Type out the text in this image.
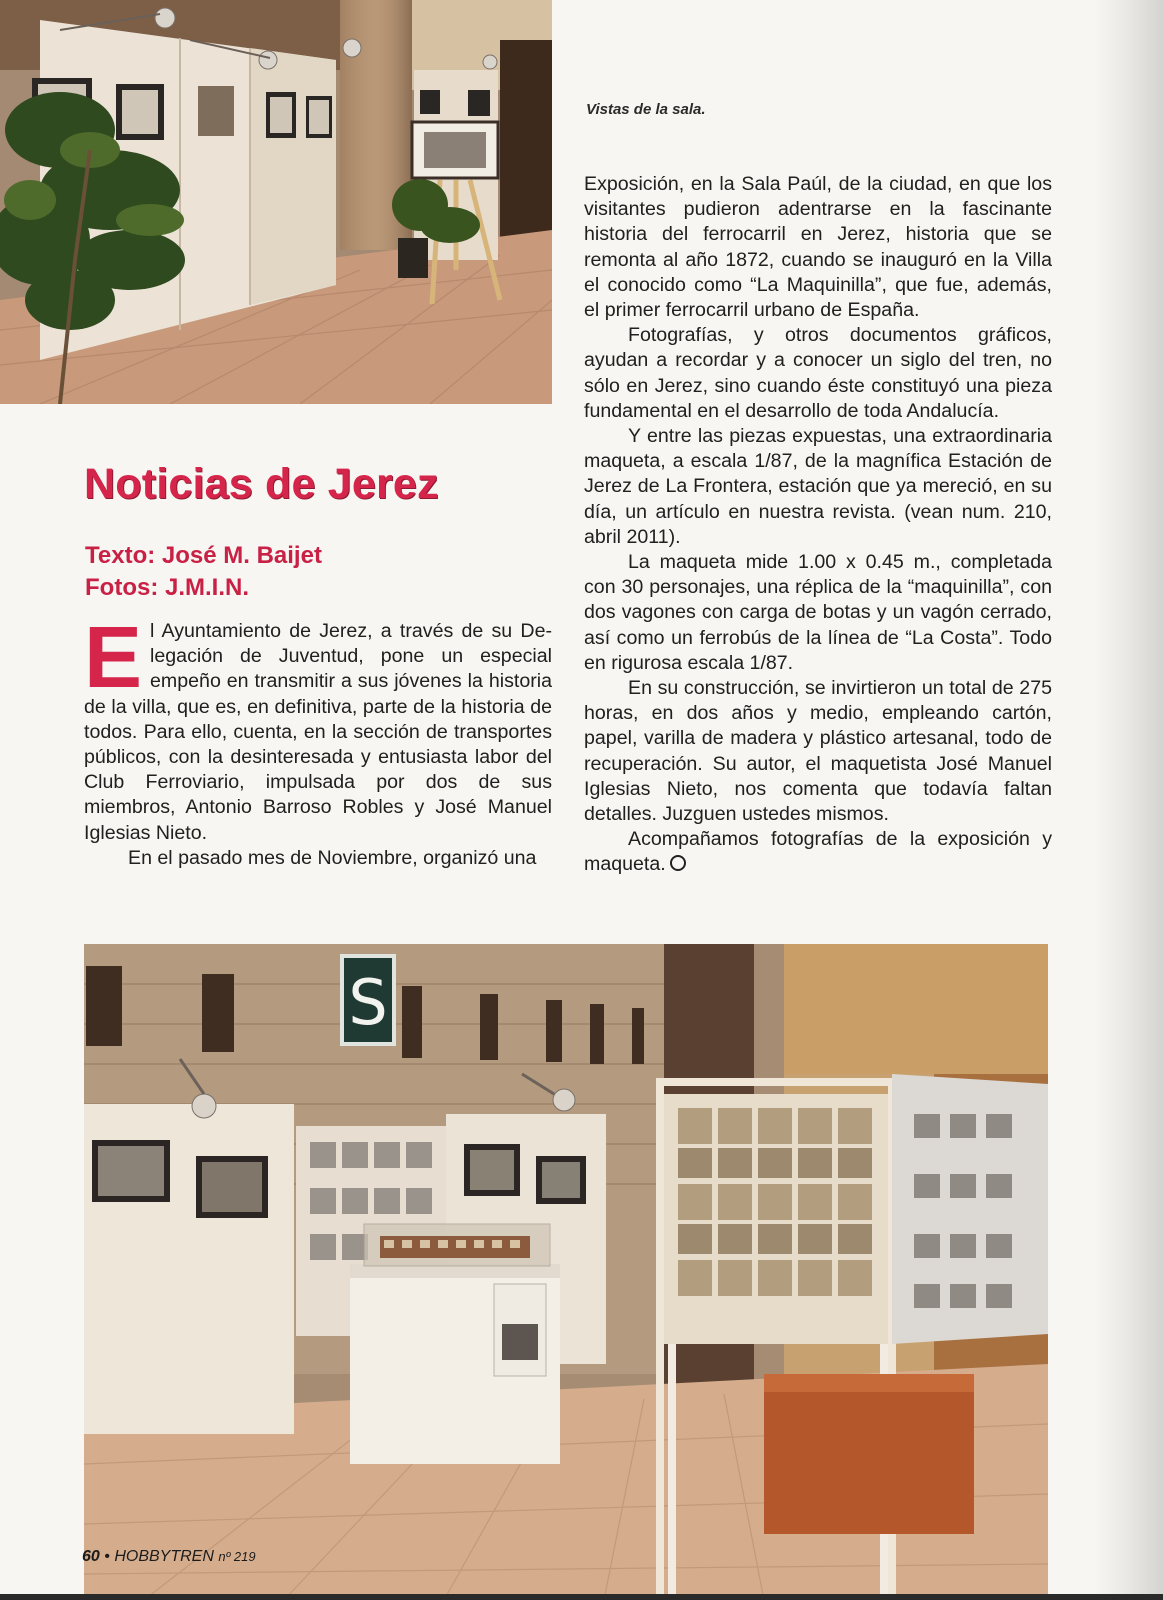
Vistas de la sala.
Noticias de Jerez

Texto: José M. Baijet

Fotos: J.M.I.N.

El Ayuntamiento de Jerez, a través de su Delegación de Juventud, pone un especial empeño en transmitir a sus jóvenes la historia de la villa, que es, en definitiva, parte de la historia de todos. Para ello, cuenta, en la sección de transportes públicos, con la desinteresada y entusiasta labor del Club Ferroviario, impulsada por dos de sus miembros, Antonio Barroso Robles y José Manuel Iglesias Nieto.

En el pasado mes de Noviembre, organizó una

Exposición, en la Sala Paúl, de la ciudad, en que los visitantes pudieron adentrarse en la fascinante historia del ferrocarril en Jerez, historia que se remonta al año 1872, cuando se inauguró en la Villa el conocido como “La Maquinilla”, que fue, además, el primer ferrocarril urbano de España.

Fotografías, y otros documentos gráficos, ayudan a recordar y a conocer un siglo del tren, no sólo en Jerez, sino cuando éste constituyó una pieza fundamental en el desarrollo de toda Andalucía.

Y entre las piezas expuestas, una extraordinaria maqueta, a escala 1/87, de la magnífica Estación de Jerez de La Frontera, estación que ya mereció, en su día, un artículo en nuestra revista. (vean num. 210, abril 2011).

La maqueta mide 1.00 x 0.45 m., completada con 30 personajes, una réplica de la “maquinilla”, con dos vagones con carga de botas y un vagón cerrado, así como un ferrobús de la línea de “La Costa”. Todo en rigurosa escala 1/87.

En su construcción, se invirtieron un total de 275 horas, en dos años y medio, empleando cartón, papel, varilla de madera y plástico artesanal, todo de recuperación. Su autor, el maquetista José Manuel Iglesias Nieto, nos comenta que todavía faltan detalles. Juzguen ustedes mismos.

Acompañamos fotografías de la exposición y maqueta.

S
60 • HOBBYTREN nº 219
